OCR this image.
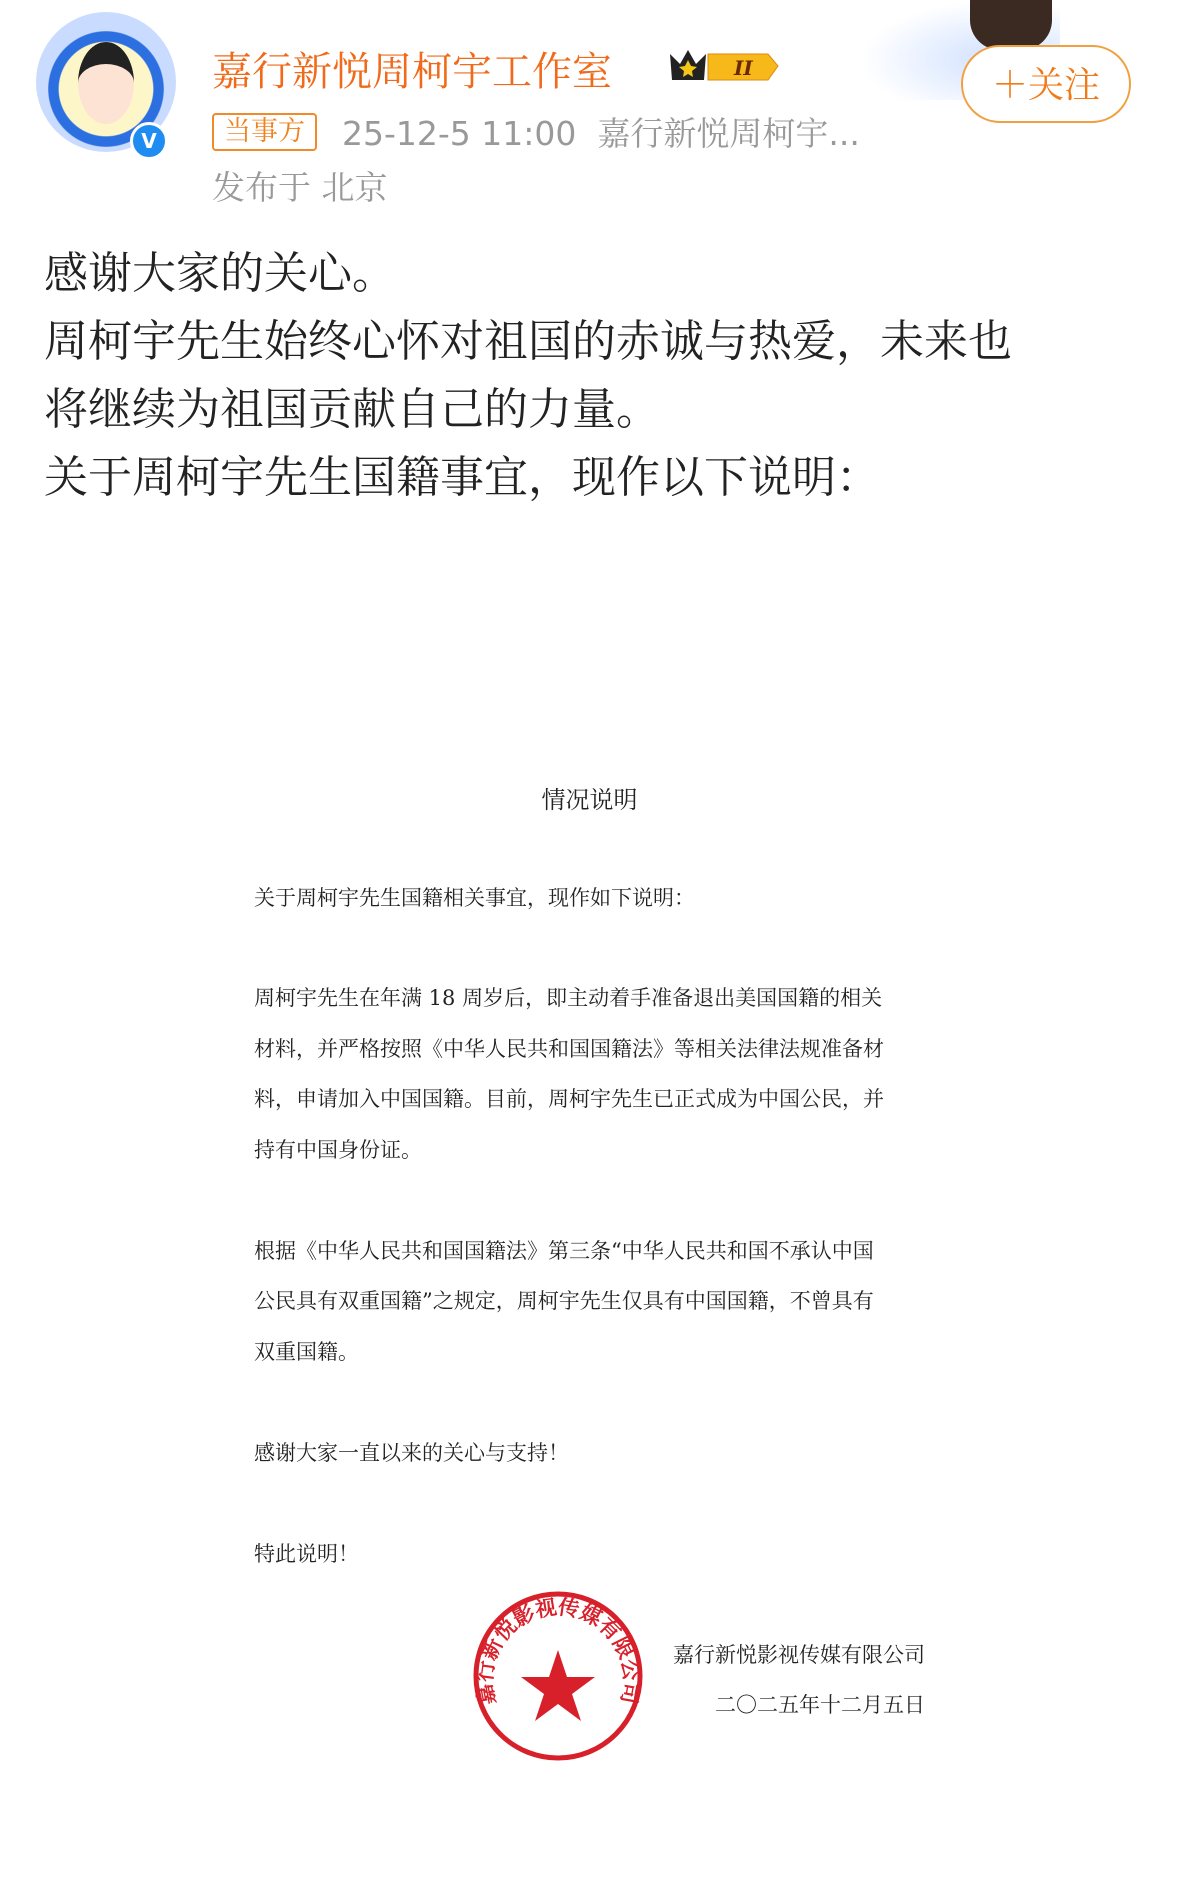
V
嘉行新悦周柯宇工作室	II
当事方	25-12-5 11:00 嘉行新悦周柯宇...
发布于 北京
＋关注
感谢大家的关心。
周柯宇先生始终心怀对祖国的赤诚与热爱，未来也
将继续为祖国贡献自己的力量。
关于周柯宇先生国籍事宜，现作以下说明：
情况说明
关于周柯宇先生国籍相关事宜，现作如下说明：
周柯宇先生在年满 18 周岁后，即主动着手准备退出美国国籍的相关
材料，并严格按照《中华人民共和国国籍法》等相关法律法规准备材
料，申请加入中国国籍。目前，周柯宇先生已正式成为中国公民，并
持有中国身份证。
根据《中华人民共和国国籍法》第三条“中华人民共和国不承认中国
公民具有双重国籍”之规定，周柯宇先生仅具有中国国籍，不曾具有
双重国籍。
感谢大家一直以来的关心与支持！
特此说明！
嘉行新悦影视传媒有限公司
二〇二五年十二月五日
嘉行新悦影视传媒有限公司
